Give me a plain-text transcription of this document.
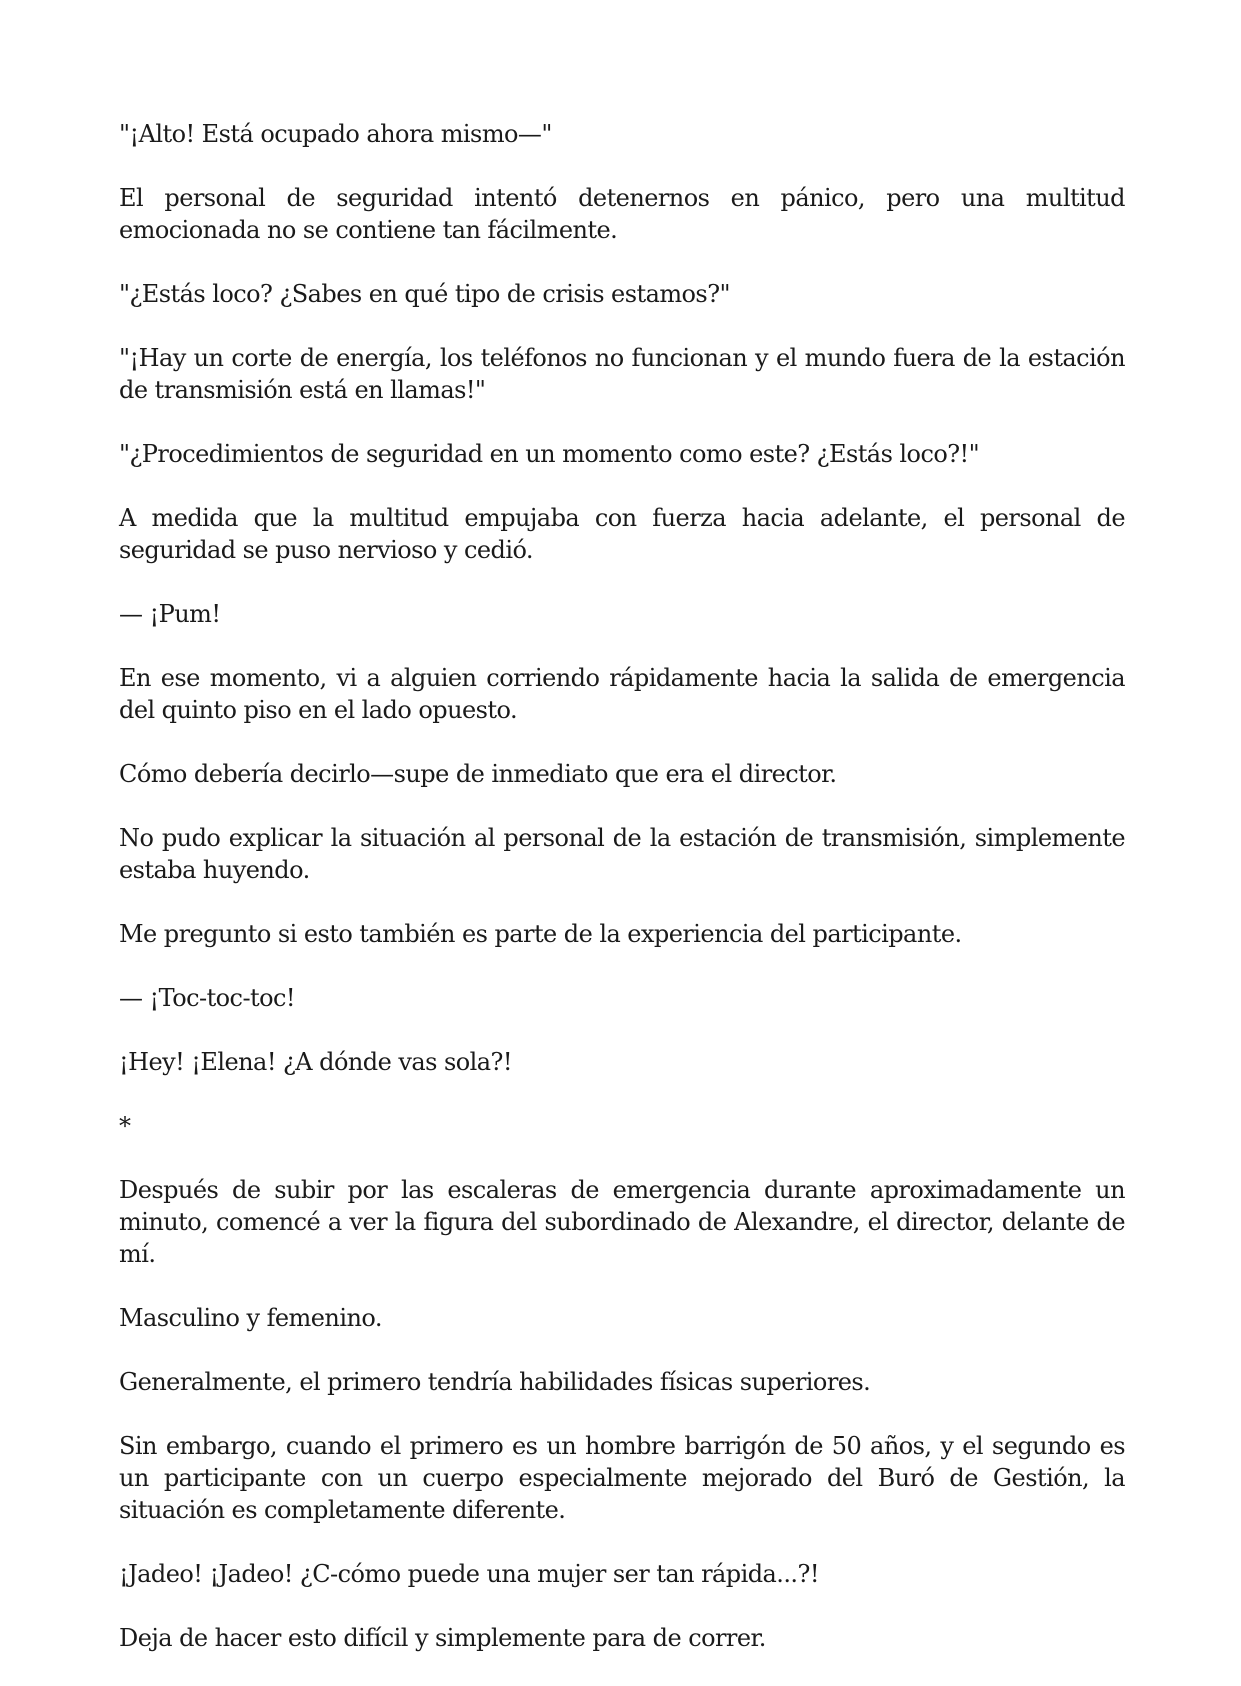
"¡Alto! Está ocupado ahora mismo—"

El personal de seguridad intentó detenernos en pánico, pero una multitud emocionada no se contiene tan fácilmente.

"¿Estás loco? ¿Sabes en qué tipo de crisis estamos?"

"¡Hay un corte de energía, los teléfonos no funcionan y el mundo fuera de la estación de transmisión está en llamas!"

"¿Procedimientos de seguridad en un momento como este? ¿Estás loco?!"

A medida que la multitud empujaba con fuerza hacia adelante, el personal de seguridad se puso nervioso y cedió.

— ¡Pum!

En ese momento, vi a alguien corriendo rápidamente hacia la salida de emergencia del quinto piso en el lado opuesto.

Cómo debería decirlo—supe de inmediato que era el director.

No pudo explicar la situación al personal de la estación de transmisión, simplemente estaba huyendo.

Me pregunto si esto también es parte de la experiencia del participante.

— ¡Toc-toc-toc!

¡Hey! ¡Elena! ¿A dónde vas sola?!

*

Después de subir por las escaleras de emergencia durante aproximadamente un minuto, comencé a ver la figura del subordinado de Alexandre, el director, delante de mí.

Masculino y femenino.

Generalmente, el primero tendría habilidades físicas superiores.

Sin embargo, cuando el primero es un hombre barrigón de 50 años, y el segundo es un participante con un cuerpo especialmente mejorado del Buró de Gestión, la situación es completamente diferente.

¡Jadeo! ¡Jadeo! ¿C-cómo puede una mujer ser tan rápida...?!

Deja de hacer esto difícil y simplemente para de correr.
